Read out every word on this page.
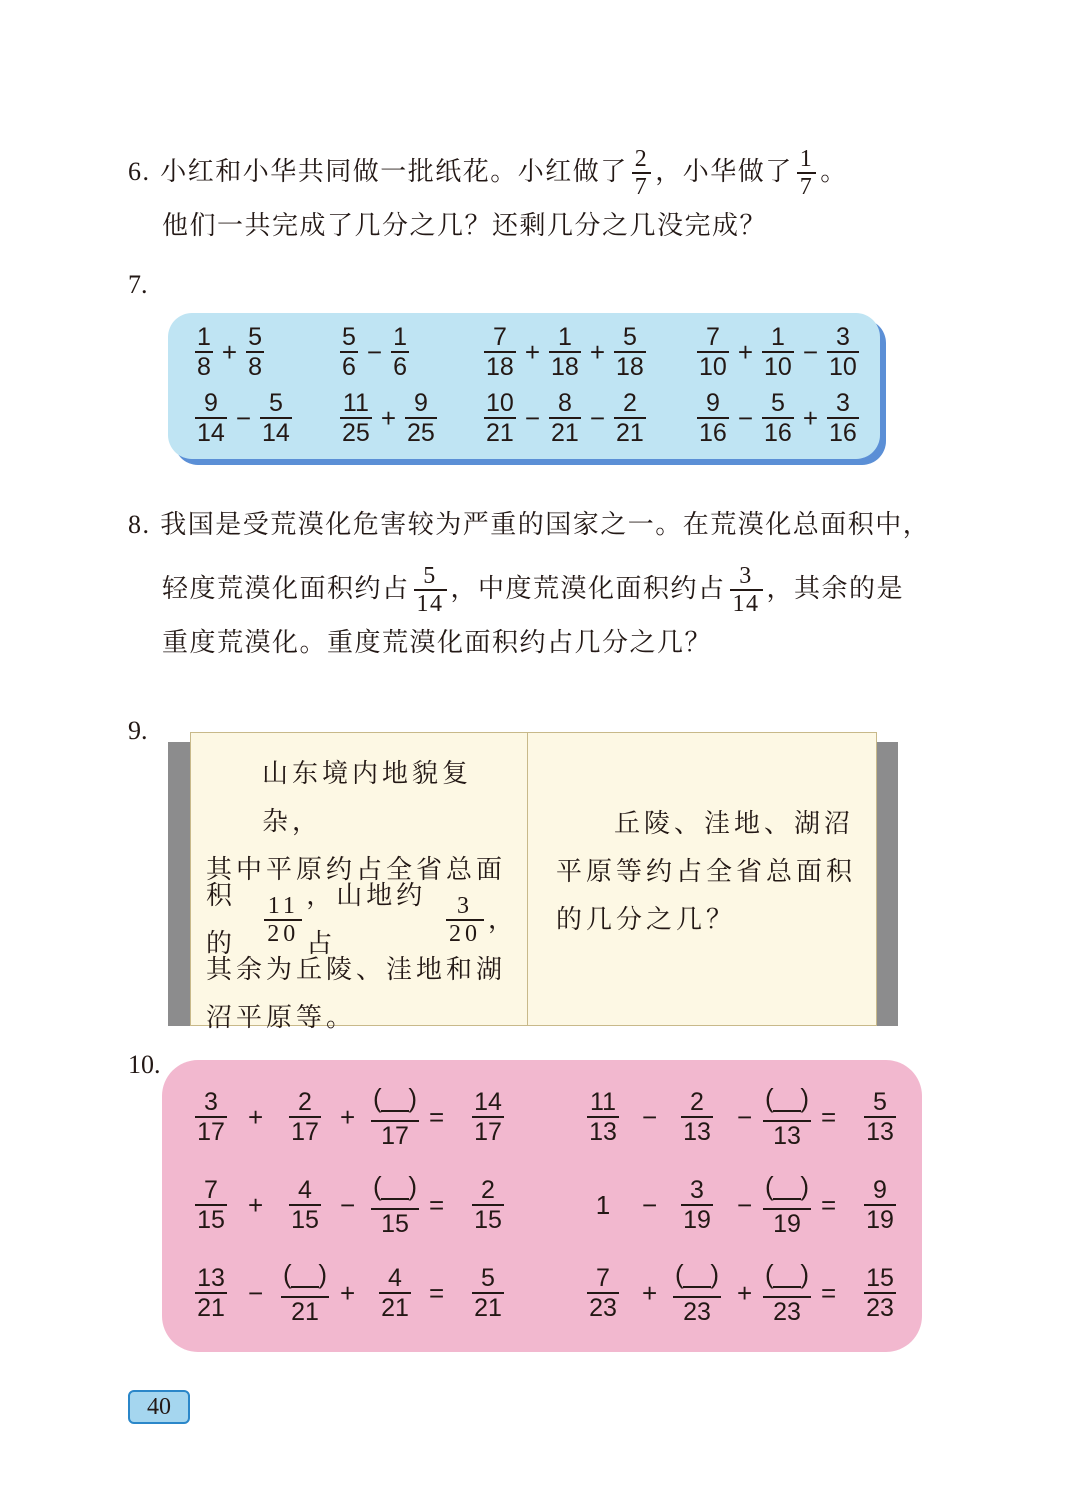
6. 小红和小华共同做一批纸花。小红做了 $\frac{2}{7}$ ，小华做了 $\frac{1}{7}$ 。
他们一共完成了几分之几？还剩几分之几没完成？
7.
1
8
+ 5
8
5
6
− 1
6
7
18
+ 1
18
+ 5
18
7
10
+ 1
10
− 3
10
9
14
− 5
14
11
25
+ 9
25
10
21
− 8
21
− 2
21
9
16
− 5
16
+ 3
16
8. 我国是受荒漠化危害较为严重的国家之一。在荒漠化总面积中，
轻度荒漠化面积约占 $\frac{5}{14}$ ，中度荒漠化面积约占 $\frac{3}{14}$ ，其余的是
重度荒漠化。重度荒漠化面积约占几分之几？
9.
山东境内地貌复杂，
其中平原约占全省总面
积的
11
20
，山地约占
3
20 ，
其余为丘陵、洼地和湖
沼平原等。
丘陵、洼地、湖沼
平原等约占全省总面积
的几分之几？
10.
3
17 + 2
17 +
(
)
17
= 14
17
7
15 + 4
15 −
(
)
15
= 2
15
13
21 −
(
)
21
+ 4
21 = 5
21
11
13 − 2
13 −
(
)
13
= 5
13
1 − 3
19 −
(
)
19
= 9
19
7
23 +
(
)
23
+
(
)
23
= 15
23
40
